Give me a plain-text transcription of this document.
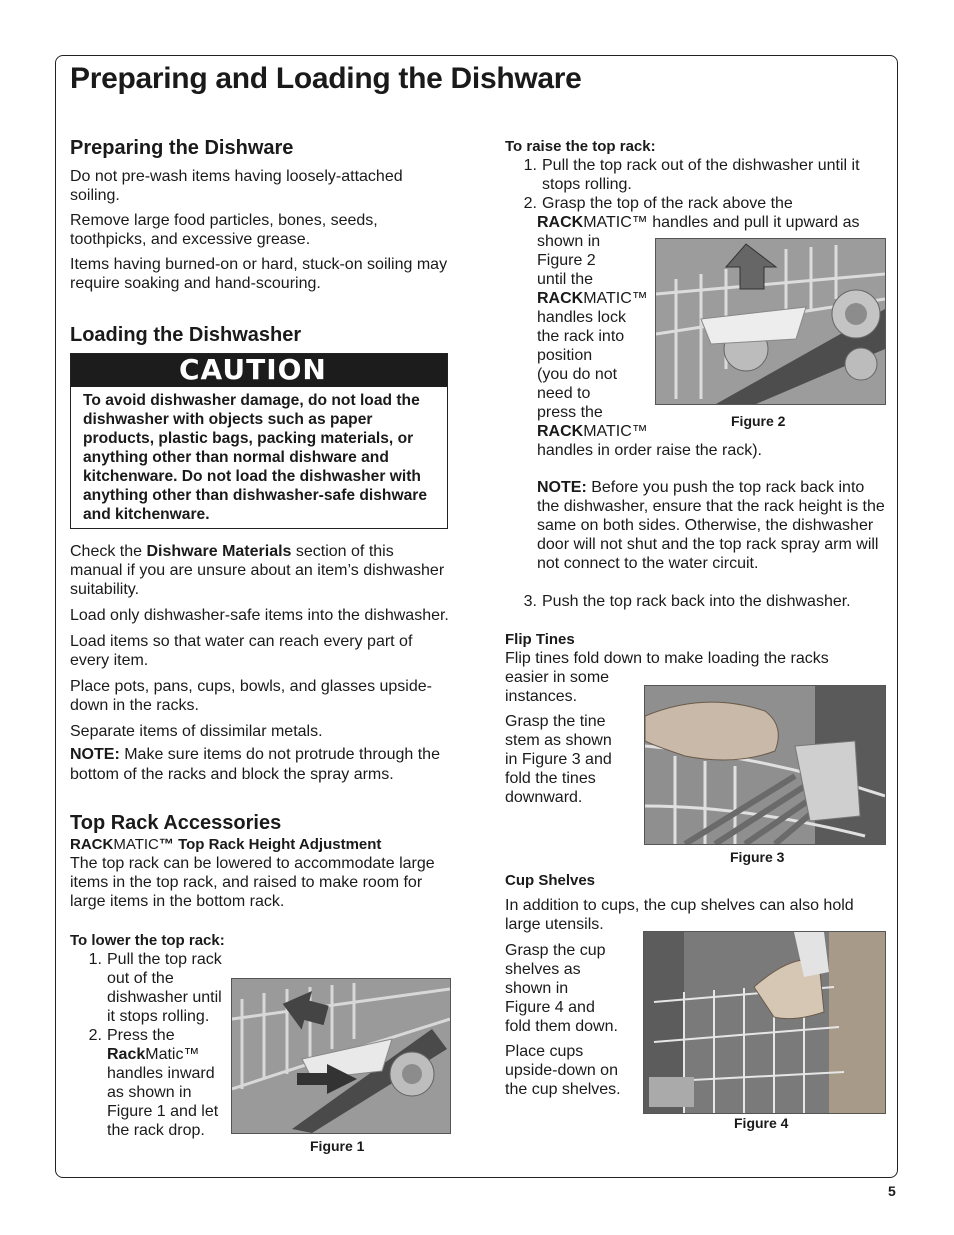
Preparing and Loading the Dishware
Preparing the Dishware

Do not pre-wash items having loosely-attached soiling.

Remove large food particles, bones, seeds, toothpicks, and excessive grease.

Items having burned-on or hard, stuck-on soiling may require soaking and hand-scouring.

Loading the Dishwasher
CAUTION
To avoid dishwasher damage, do not load the dishwasher with objects such as paper products, plastic bags, packing materials, or anything other than normal dishware and kitchenware. Do not load the dishwasher with anything other than dishwasher-safe dishware and kitchenware.

Check the Dishware Materials section of this manual if you are unsure about an item’s dishwasher suitability.

Load only dishwasher-safe items into the dishwasher.

Load items so that water can reach every part of every item.

Place pots, pans, cups, bowls, and glasses upside-down in the racks.

Separate items of dissimilar metals.

NOTE: Make sure items do not protrude through the bottom of the racks and block the spray arms.

Top Rack Accessories

RACKMATIC™ Top Rack Height Adjustment

The top rack can be lowered to accommodate large items in the top rack, and raised to make room for large items in the bottom rack.

To lower the top rack:

1. Pull the top rack out of the dishwasher until it stops rolling.
2. Press the RackMatic™ handles inward as shown in Figure 1 and let the rack drop.
Figure 1

To raise the top rack:

1. Pull the top rack out of the dishwasher until it stops rolling.
2. Grasp the top of the rack above the

RACKMATIC™ handles and pull it upward as

shown in

Figure 2

until the

RACKMATIC™

handles lock

the rack into

position

(you do not

need to

press the

RACKMATIC™

handles in order raise the rack).

NOTE: Before you push the top rack back into the dishwasher, ensure that the rack height is the same on both sides. Otherwise, the dishwasher door will not shut and the top rack spray arm will not connect to the water circuit.

3. Push the top rack back into the dishwasher.

Flip Tines

Flip tines fold down to make loading the racks

easier in some

instances.

Grasp the tine

stem as shown

in Figure 3 and

fold the tines

downward.

Cup Shelves

In addition to cups, the cup shelves can also hold

large utensils.

Grasp the cup

shelves as

shown in

Figure 4 and

fold them down.

Place cups

upside-down on

the cup shelves.

Figure 2
Figure 3
Figure 4
5
